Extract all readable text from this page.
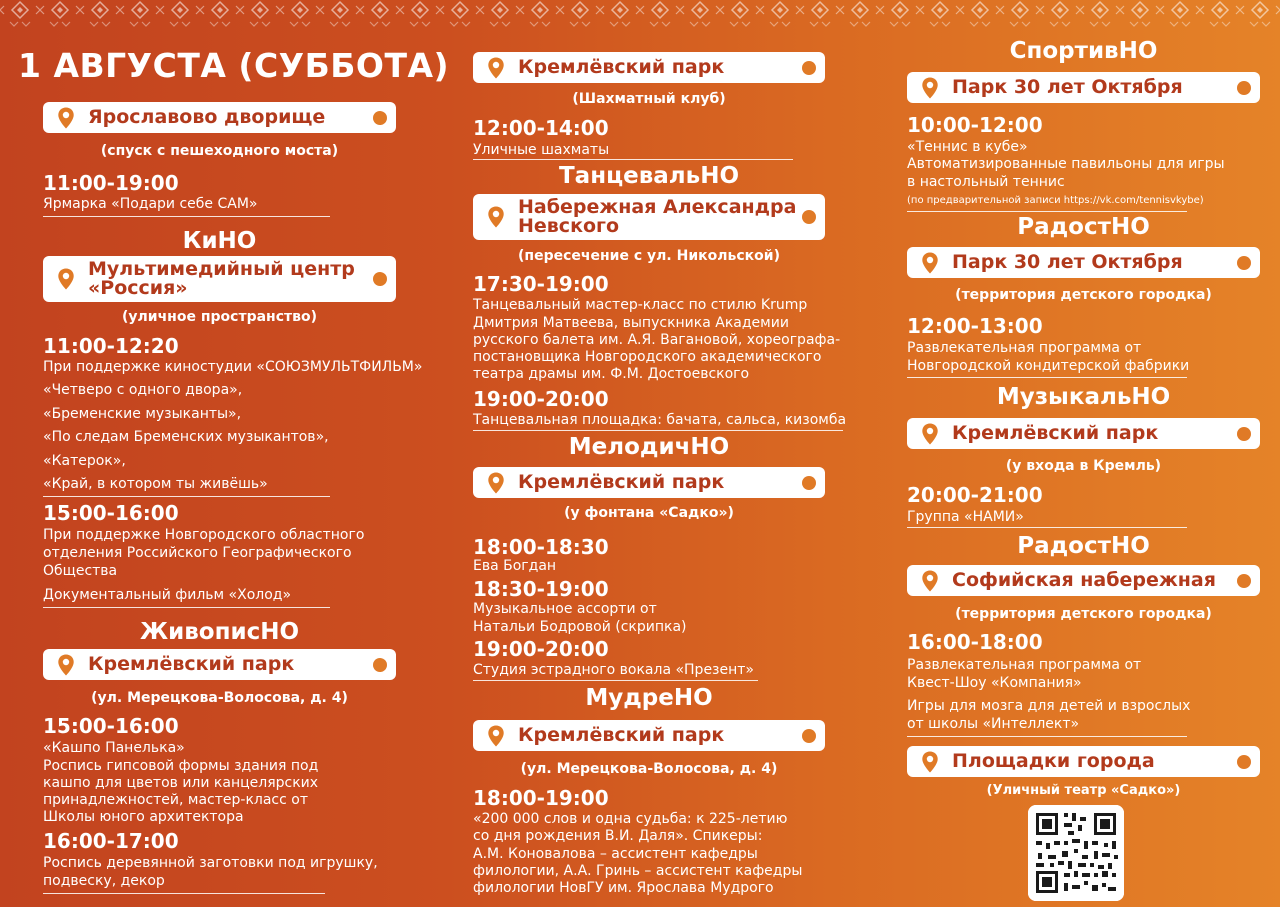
1 АВГУСТА (СУББОТА)
Ярославово дворище
(спуск с пешеходного моста)
11:00-19:00
Ярмарка «Подари себе САМ»
КиНО
Мультимедийный центр «Россия»
(уличное пространство)
11:00-12:20
При поддержке киностудии «СОЮЗМУЛЬТФИЛЬМ»
«Четверо с одного двора»,
«Бременские музыканты»,
«По следам Бременских музыкантов»,
«Катерок»,
«Край, в котором ты живёшь»
15:00-16:00
При поддержке Новгородского областного
отделения Российского Географического
Общества
Документальный фильм «Холод»
ЖивописНО
Кремлёвский парк
(ул. Мерецкова-Волосова, д. 4)
15:00-16:00
«Кашпо Панелька»
Роспись гипсовой формы здания под
кашпо для цветов или канцелярских
принадлежностей, мастер-класс от
Школы юного архитектора
16:00-17:00
Роспись деревянной заготовки под игрушку,
подвеску, декор
Кремлёвский парк
(Шахматный клуб)
12:00-14:00
Уличные шахматы
ТанцевальНО
Набережная Александра
Невского
(пересечение с ул. Никольской)
17:30-19:00
Танцевальный мастер-класс по стилю Krump
Дмитрия Матвеева, выпускника Академии
русского балета им. А.Я. Вагановой, хореографа-
постановщика Новгородского академического
театра драмы им. Ф.М. Достоевского
19:00-20:00
Танцевальная площадка: бачата, сальса, кизомба
МелодичНО
Кремлёвский парк
(у фонтана «Садко»)
18:00-18:30
Ева Богдан
18:30-19:00
Музыкальное ассорти от
Натальи Бодровой (скрипка)
19:00-20:00
Студия эстрадного вокала «Презент»
МудреНО
Кремлёвский парк
(ул. Мерецкова-Волосова, д. 4)
18:00-19:00
«200 000 слов и одна судьба: к 225-летию
со дня рождения В.И. Даля». Спикеры:
А.М. Коновалова – ассистент кафедры
филологии, А.А. Гринь – ассистент кафедры
филологии НовГУ им. Ярослава Мудрого
СпортивНО
Парк 30 лет Октября
10:00-12:00
«Теннис в кубе»
Автоматизированные павильоны для игры
в настольный теннис
(по предварительной записи https://vk.com/tennisvkybe)
РадостНО
Парк 30 лет Октября
(территория детского городка)
12:00-13:00
Развлекательная программа от
Новгородской кондитерской фабрики
МузыкальНО
Кремлёвский парк
(у входа в Кремль)
20:00-21:00
Группа «НАМИ»
РадостНО
Софийская набережная
(территория детского городка)
16:00-18:00
Развлекательная программа от
Квест-Шоу «Компания»
Игры для мозга для детей и взрослых
от школы «Интеллект»
Площадки города
(Уличный театр «Садко»)
